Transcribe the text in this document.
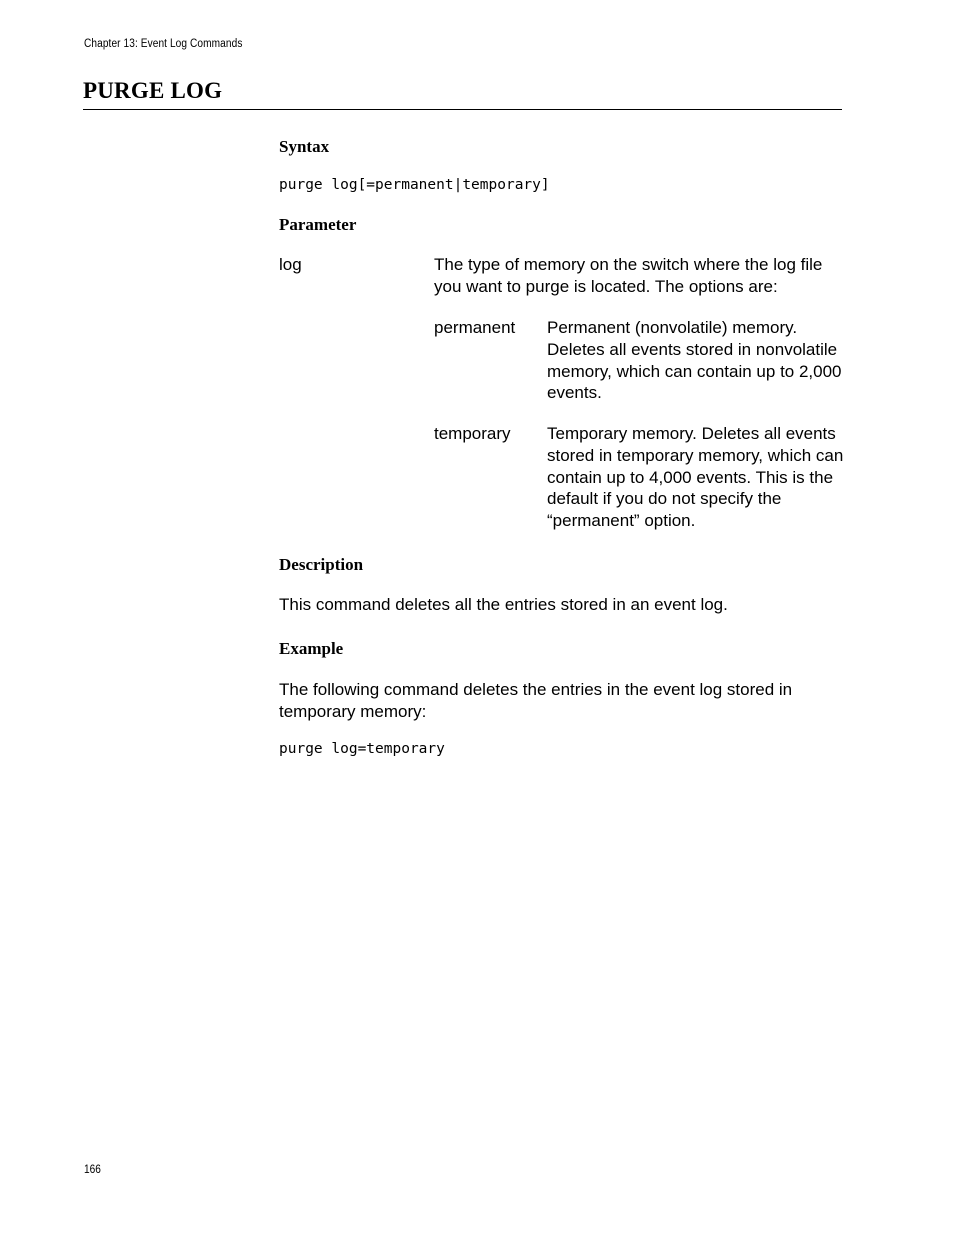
Chapter 13: Event Log Commands
PURGE LOG
Syntax
purge log[=permanent|temporary]
Parameter
log	The type of memory on the switch where the log file you want to purge is located. The options are:

permanent Permanent (nonvolatile) memory. Deletes all events stored in nonvolatile memory, which can contain up to 2,000 events.

temporary Temporary memory. Deletes all events stored in temporary memory, which can contain up to 4,000 events. This is the default if you do not specify the “permanent” option.

Description

This command deletes all the entries stored in an event log.

Example

The following command deletes the entries in the event log stored in temporary memory:

purge log=temporary
166
